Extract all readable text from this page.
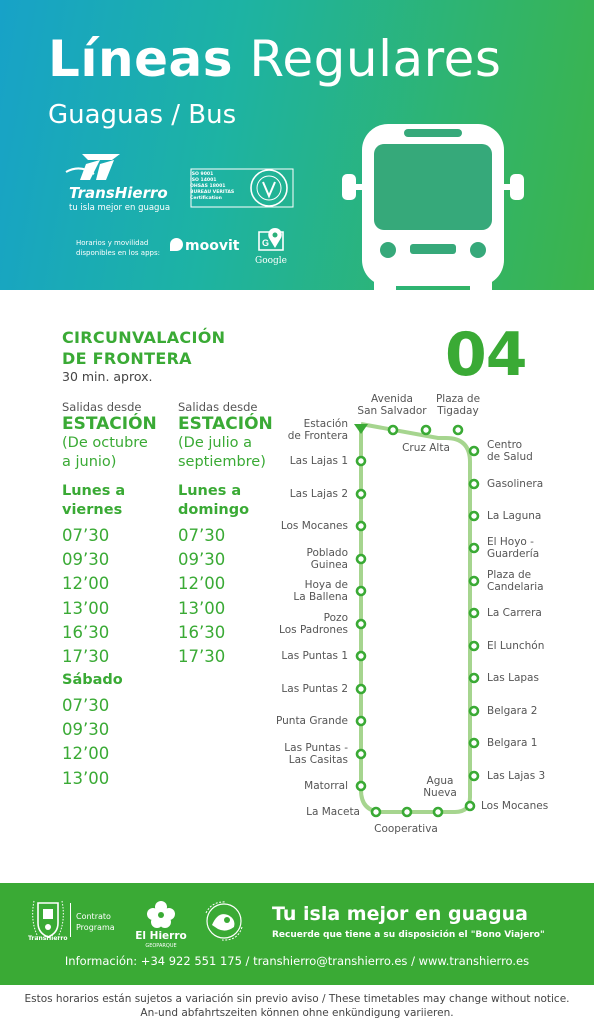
Líneas Regulares
Guaguas / Bus
TransHierro
tu isla mejor en guagua
ISO 9001
ISO 14001
OHSAS 18001
BUREAU VERITAS
Certification
Horarios y movilidad disponibles en los apps:	moovit	G
Google
CIRCUNVALACIÓN
DE FRONTERA
30 min. aprox.	04
Salidas desde
ESTACIÓN
(De octubre
a junio)
Lunes a
viernes
07’30
09’30
12’00
13’00
16’30
17’30
Salidas desde
ESTACIÓN
(De julio a
septiembre)
Lunes a
domingo
07’30
09’30
12’00
13’00
16’30
17’30
Sábado
07’30
09’30
12’00
13’00
Estación
de Frontera
Avenida
San Salvador
Plaza de
Tigaday
Cruz Alta
Las Lajas 1
Las Lajas 2
Los Mocanes
Poblado
Guinea
Hoya de
La Ballena
Pozo
Los Padrones
Las Puntas 1
Las Puntas 2
Punta Grande
Las Puntas -
Las Casitas
Matorral
La Maceta
Cooperativa
Agua
Nueva
Los Mocanes
Centro
de Salud
Gasolinera
La Laguna
El Hoyo -
Guardería
Plaza de
Candelaria
La Carrera
El Lunchón
Las Lapas
Belgara 2
Belgara 1
Las Lajas 3
Contrato
Programa
TransHierro	El Hierro
GEOPARQUE
Tu isla mejor en guagua
Recuerde que tiene a su disposición el "Bono Viajero"
Información: +34 922 551 175 / transhierro@transhierro.es / www.transhierro.es
Estos horarios están sujetos a variación sin previo aviso / These timetables may change without notice.
An-und abfahrtszeiten können ohne enkündigung variieren.
